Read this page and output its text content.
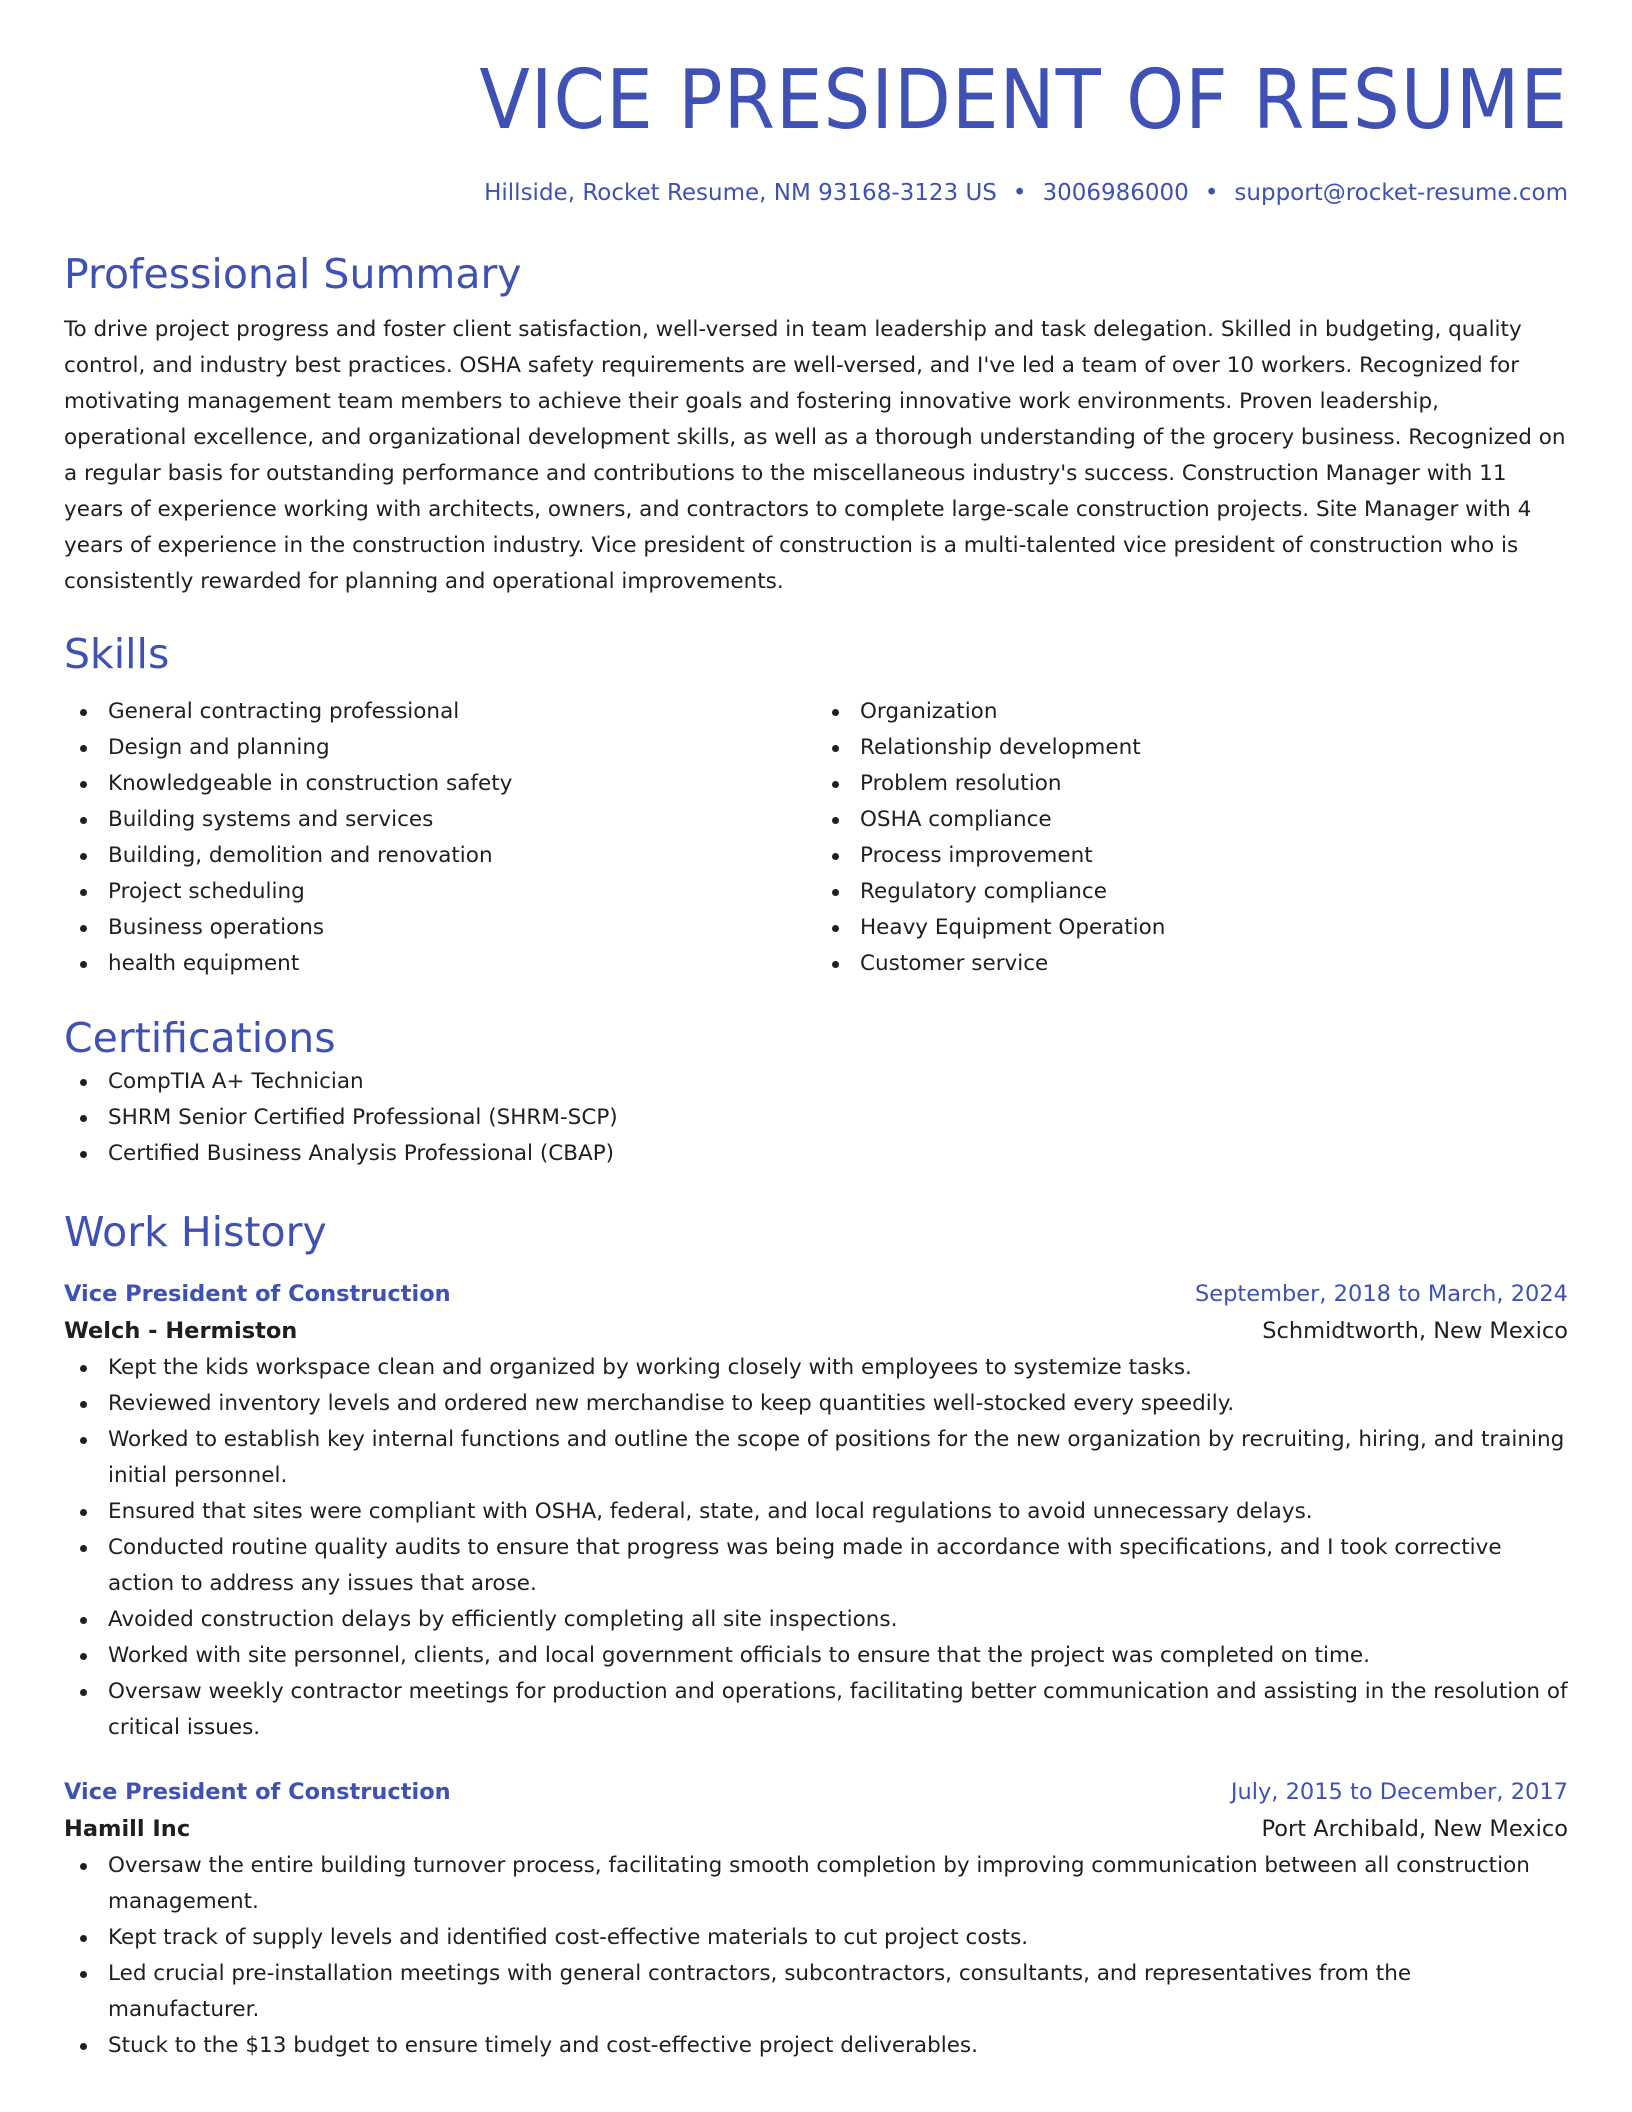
VICE PRESIDENT OF RESUME
Hillside, Rocket Resume, NM 93168-3123 US • 3006986000 • support@rocket-resume.com
Professional Summary
To drive project progress and foster client satisfaction, well-versed in team leadership and task delegation. Skilled in budgeting, quality control, and industry best practices. OSHA safety requirements are well-versed, and I've led a team of over 10 workers. Recognized for motivating management team members to achieve their goals and fostering innovative work environments. Proven leadership, operational excellence, and organizational development skills, as well as a thorough understanding of the grocery business. Recognized on a regular basis for outstanding performance and contributions to the miscellaneous industry's success. Construction Manager with 11 years of experience working with architects, owners, and contractors to complete large-scale construction projects. Site Manager with 4 years of experience in the construction industry. Vice president of construction is a multi-talented vice president of construction who is consistently rewarded for planning and operational improvements.
Skills
General contracting professional
Design and planning
Knowledgeable in construction safety
Building systems and services
Building, demolition and renovation
Project scheduling
Business operations
health equipment
Organization
Relationship development
Problem resolution
OSHA compliance
Process improvement
Regulatory compliance
Heavy Equipment Operation
Customer service
Certifications
CompTIA A+ Technician
SHRM Senior Certified Professional (SHRM-SCP)
Certified Business Analysis Professional (CBAP)
Work History
Vice President of Construction	September, 2018 to March, 2024
Welch - Hermiston	Schmidtworth, New Mexico
Kept the kids workspace clean and organized by working closely with employees to systemize tasks.
Reviewed inventory levels and ordered new merchandise to keep quantities well-stocked every speedily.
Worked to establish key internal functions and outline the scope of positions for the new organization by recruiting, hiring, and training initial personnel.
Ensured that sites were compliant with OSHA, federal, state, and local regulations to avoid unnecessary delays.
Conducted routine quality audits to ensure that progress was being made in accordance with specifications, and I took corrective action to address any issues that arose.
Avoided construction delays by efficiently completing all site inspections.
Worked with site personnel, clients, and local government officials to ensure that the project was completed on time.
Oversaw weekly contractor meetings for production and operations, facilitating better communication and assisting in the resolution of critical issues.
Vice President of Construction	July, 2015 to December, 2017
Hamill Inc	Port Archibald, New Mexico
Oversaw the entire building turnover process, facilitating smooth completion by improving communication between all construction management.
Kept track of supply levels and identified cost-effective materials to cut project costs.
Led crucial pre-installation meetings with general contractors, subcontractors, consultants, and representatives from the manufacturer.
Stuck to the $13 budget to ensure timely and cost-effective project deliverables.
